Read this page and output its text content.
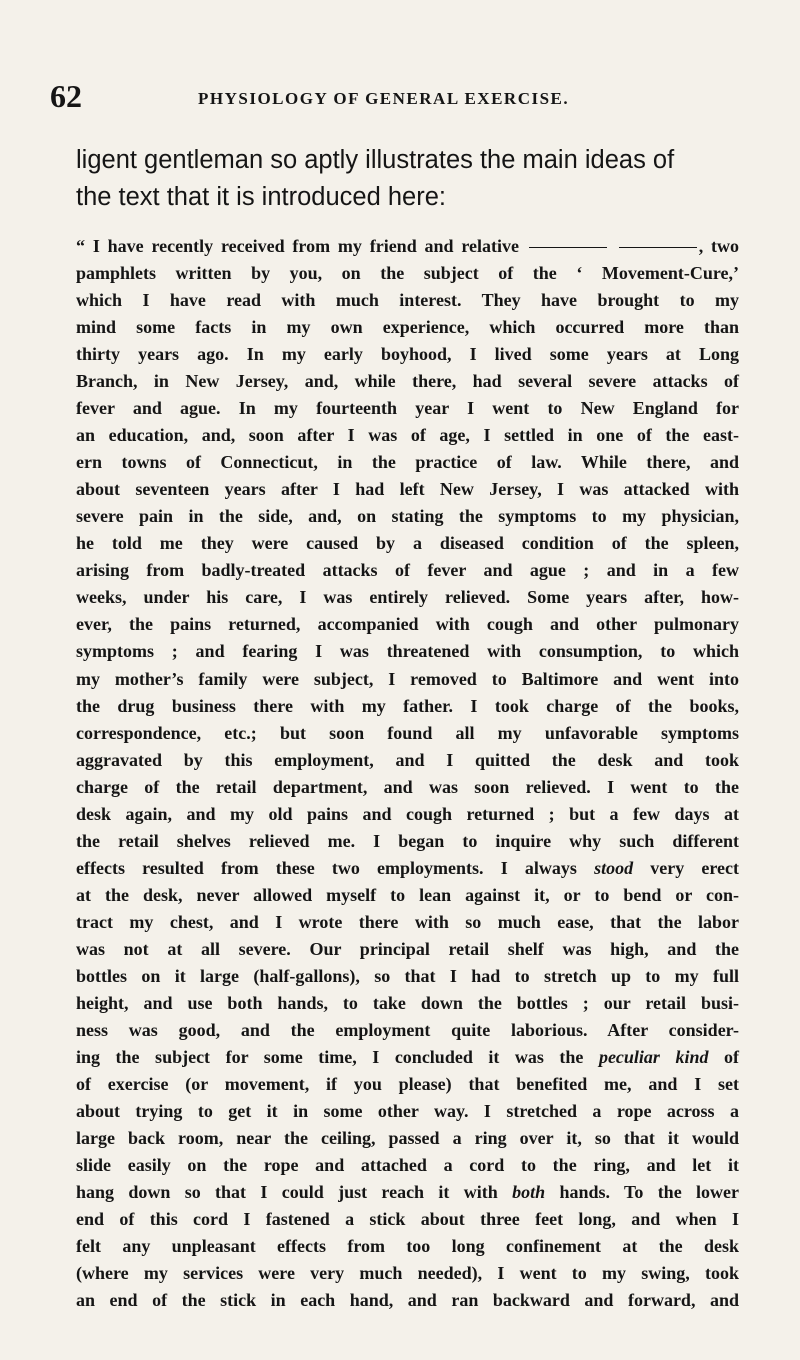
62	PHYSIOLOGY OF GENERAL EXERCISE.

ligent gentleman so aptly illustrates the main ideas of
the text that it is introduced here:

“ I have recently received from my friend and relative	, two
pamphlets written by you, on the subject of the ‘ Movement-Cure,’
which I have read with much interest. They have brought to my
mind some facts in my own experience, which occurred more than
thirty years ago. In my early boyhood, I lived some years at Long
Branch, in New Jersey, and, while there, had several severe attacks of
fever and ague. In my fourteenth year I went to New England for
an education, and, soon after I was of age, I settled in one of the east-
ern towns of Connecticut, in the practice of law. While there, and
about seventeen years after I had left New Jersey, I was attacked with
severe pain in the side, and, on stating the symptoms to my physician,
he told me they were caused by a diseased condition of the spleen,
arising from badly-treated attacks of fever and ague ; and in a few
weeks, under his care, I was entirely relieved. Some years after, how-
ever, the pains returned, accompanied with cough and other pulmonary
symptoms ; and fearing I was threatened with consumption, to which
my mother’s family were subject, I removed to Baltimore and went into
the drug business there with my father. I took charge of the books,
correspondence, etc.; but soon found all my unfavorable symptoms
aggravated by this employment, and I quitted the desk and took
charge of the retail department, and was soon relieved. I went to the
desk again, and my old pains and cough returned ; but a few days at
the retail shelves relieved me. I began to inquire why such different
effects resulted from these two employments. I always stood very erect
at the desk, never allowed myself to lean against it, or to bend or con-
tract my chest, and I wrote there with so much ease, that the labor
was not at all severe. Our principal retail shelf was high, and the
bottles on it large (half-gallons), so that I had to stretch up to my full
height, and use both hands, to take down the bottles ; our retail busi-
ness was good, and the employment quite laborious. After consider-
ing the subject for some time, I concluded it was the peculiar kind of
of exercise (or movement, if you please) that benefited me, and I set
about trying to get it in some other way. I stretched a rope across a
large back room, near the ceiling, passed a ring over it, so that it would
slide easily on the rope and attached a cord to the ring, and let it
hang down so that I could just reach it with both hands. To the lower
end of this cord I fastened a stick about three feet long, and when I
felt any unpleasant effects from too long confinement at the desk
(where my services were very much needed), I went to my swing, took
an end of the stick in each hand, and ran backward and forward, and
